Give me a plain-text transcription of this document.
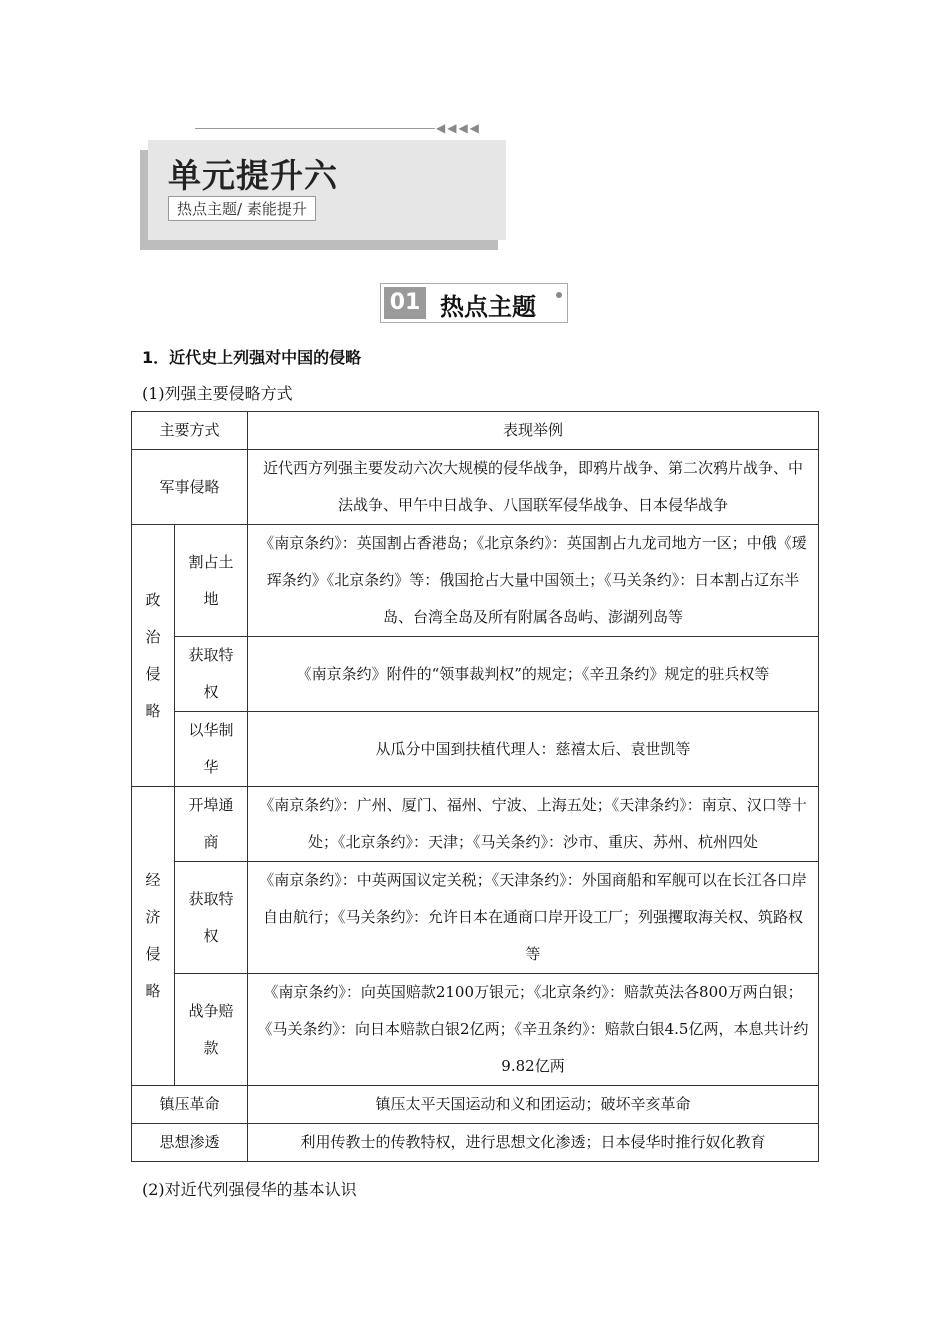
◀◀◀◀
单元提升六
热点主题/ 素能提升
01 热点主题
1．近代史上列强对中国的侵略
(1)列强主要侵略方式
主要方式		表现举例
军事侵略		近代西方列强主要发动六次大规模的侵华战争，即鸦片战争、第二次鸦片战争、中法战争、甲午中日战争、八国联军侵华战争、日本侵华战争
政治侵略	割占土地	《南京条约》：英国割占香港岛；《北京条约》：英国割占九龙司地方一区；中俄《瑷珲条约》《北京条约》等：俄国抢占大量中国领土；《马关条约》：日本割占辽东半岛、台湾全岛及所有附属各岛屿、澎湖列岛等
	获取特权	《南京条约》附件的“领事裁判权”的规定；《辛丑条约》规定的驻兵权等
	以华制华	从瓜分中国到扶植代理人：慈禧太后、袁世凯等
经济侵略	开埠通商	《南京条约》：广州、厦门、福州、宁波、上海五处；《天津条约》：南京、汉口等十处；《北京条约》：天津；《马关条约》：沙市、重庆、苏州、杭州四处
	获取特权	《南京条约》：中英两国议定关税；《天津条约》：外国商船和军舰可以在长江各口岸自由航行；《马关条约》：允许日本在通商口岸开设工厂；列强攫取海关权、筑路权等
	战争赔款	《南京条约》：向英国赔款2100万银元；《北京条约》：赔款英法各800万两白银；《马关条约》：向日本赔款白银2亿两；《辛丑条约》：赔款白银4.5亿两，本息共计约9.82亿两
镇压革命		镇压太平天国运动和义和团运动；破坏辛亥革命
思想渗透		利用传教士的传教特权，进行思想文化渗透；日本侵华时推行奴化教育
(2)对近代列强侵华的基本认识
